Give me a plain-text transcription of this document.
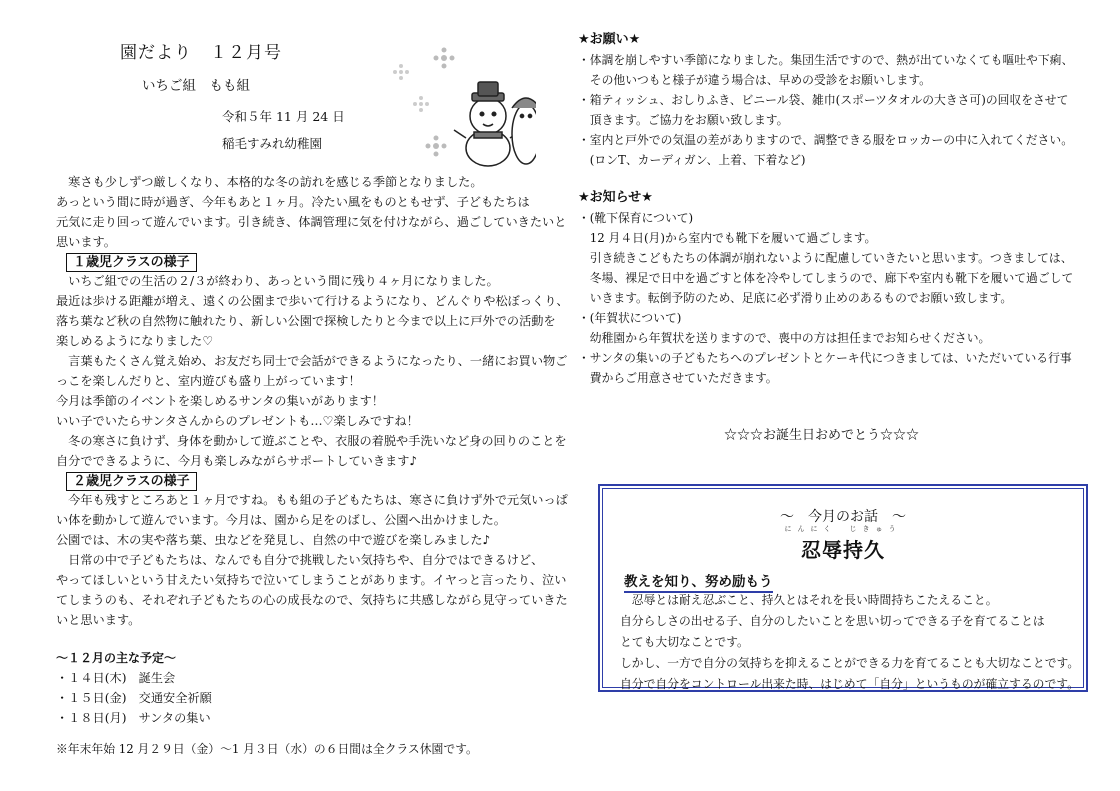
園だより　１２月号
いちご組　もも組
令和５年 11 月 24 日
稲毛すみれ幼稚園
　寒さも少しずつ厳しくなり、本格的な冬の訪れを感じる季節となりました。
あっという間に時が過ぎ、今年もあと１ヶ月。冷たい風をものともせず、子どもたちは
元気に走り回って遊んでいます。引き続き、体調管理に気を付けながら、過ごしていきたいと
思います。
１歳児クラスの様子
　いちご組での生活の２/３が終わり、あっという間に残り４ヶ月になりました。
最近は歩ける距離が増え、遠くの公園まで歩いて行けるようになり、どんぐりや松ぼっくり、
落ち葉など秋の自然物に触れたり、新しい公園で探検したりと今まで以上に戸外での活動を
楽しめるようになりました♡
　言葉もたくさん覚え始め、お友だち同士で会話ができるようになったり、一緒にお買い物ご
っこを楽しんだりと、室内遊びも盛り上がっています！
今月は季節のイベントを楽しめるサンタの集いがあります！
いい子でいたらサンタさんからのプレゼントも…♡楽しみですね！
　冬の寒さに負けず、身体を動かして遊ぶことや、衣服の着脱や手洗いなど身の回りのことを
自分でできるように、今月も楽しみながらサポートしていきます♪
２歳児クラスの様子
　今年も残すところあと１ヶ月ですね。もも組の子どもたちは、寒さに負けず外で元気いっぱ
い体を動かして遊んでいます。今月は、園から足をのばし、公園へ出かけました。
公園では、木の実や落ち葉、虫などを発見し、自然の中で遊びを楽しみました♪
　日常の中で子どもたちは、なんでも自分で挑戦したい気持ちや、自分ではできるけど、
やってほしいという甘えたい気持ちで泣いてしまうことがあります。イヤっと言ったり、泣い
てしまうのも、それぞれ子どもたちの心の成長なので、気持ちに共感しながら見守っていきた
いと思います。
〜１２月の主な予定〜
・１４日(木)　誕生会
・１５日(金)　交通安全祈願
・１８日(月)　サンタの集い
※年末年始 12 月２９日（金）〜1 月３日（水）の６日間は全クラス休園です。
★お願い★
・体調を崩しやすい季節になりました。集団生活ですので、熱が出ていなくても嘔吐や下痢、
　その他いつもと様子が違う場合は、早めの受診をお願いします。
・箱ティッシュ、おしりふき、ビニール袋、雑巾(スポーツタオルの大きさ可)の回収をさせて
　頂きます。ご協力をお願い致します。
・室内と戸外での気温の差がありますので、調整できる服をロッカーの中に入れてください。
　(ロンT、カーディガン、上着、下着など)
★お知らせ★
・(靴下保育について)
　12 月４日(月)から室内でも靴下を履いて過ごします。
　引き続きこどもたちの体調が崩れないように配慮していきたいと思います。つきましては、
　冬場、裸足で日中を過ごすと体を冷やしてしまうので、廊下や室内も靴下を履いて過ごして
　いきます。転倒予防のため、足底に必ず滑り止めのあるものでお願い致します。
・(年賀状について)
　幼稚園から年賀状を送りますので、喪中の方は担任までお知らせください。
・サンタの集いの子どもたちへのプレゼントとケーキ代につきましては、いただいている行事
　費からご用意させていただきます。
☆☆☆お誕生日おめでとう☆☆☆
〜　今月のお話　〜
にんにく　じきゅう
忍辱持久
教えを知り、努め励もう
　忍辱とは耐え忍ぶこと、持久とはそれを長い時間持ちこたえること。
自分らしさの出せる子、自分のしたいことを思い切ってできる子を育てることは
とても大切なことです。
しかし、一方で自分の気持ちを抑えることができる力を育てることも大切なことです。
自分で自分をコントロール出来た時、はじめて「自分」というものが確立するのです。
